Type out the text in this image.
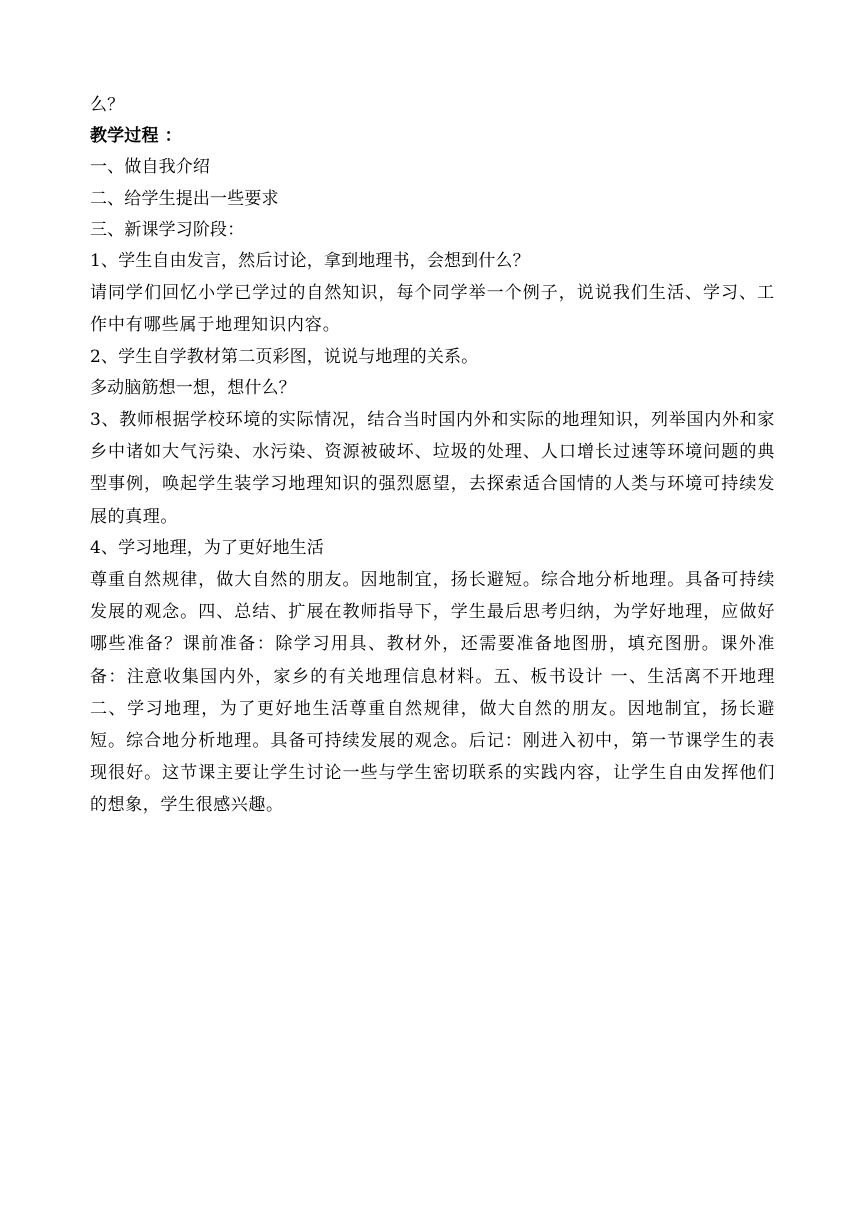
么？
教学过程 ：
一、做自我介绍
二、给学生提出一些要求
三、新课学习阶段：
1、学生自由发言，然后讨论，拿到地理书，会想到什么？
请同学们回忆小学已学过的自然知识，每个同学举一个例子，说说我们生活、学习、工作中有哪些属于地理知识内容。
2、学生自学教材第二页彩图，说说与地理的关系。
多动脑筋想一想，想什么？
3、教师根据学校环境的实际情况，结合当时国内外和实际的地理知识，列举国内外和家乡中诸如大气污染、水污染、资源被破坏、垃圾的处理、人口增长过速等环境问题的典型事例，唤起学生装学习地理知识的强烈愿望，去探索适合国情的人类与环境可持续发展的真理。
4、学习地理，为了更好地生活
尊重自然规律，做大自然的朋友。因地制宜，扬长避短。综合地分析地理。具备可持续发展的观念。四、总结、扩展在教师指导下，学生最后思考归纳，为学好地理，应做好哪些准备？课前准备：除学习用具、教材外，还需要准备地图册，填充图册。课外准备：注意收集国内外，家乡的有关地理信息材料。五、板书设计 一、生活离不开地理二、学习地理，为了更好地生活尊重自然规律，做大自然的朋友。因地制宜，扬长避短。综合地分析地理。具备可持续发展的观念。后记：刚进入初中，第一节课学生的表现很好。这节课主要让学生讨论一些与学生密切联系的实践内容，让学生自由发挥他们的想象，学生很感兴趣。
